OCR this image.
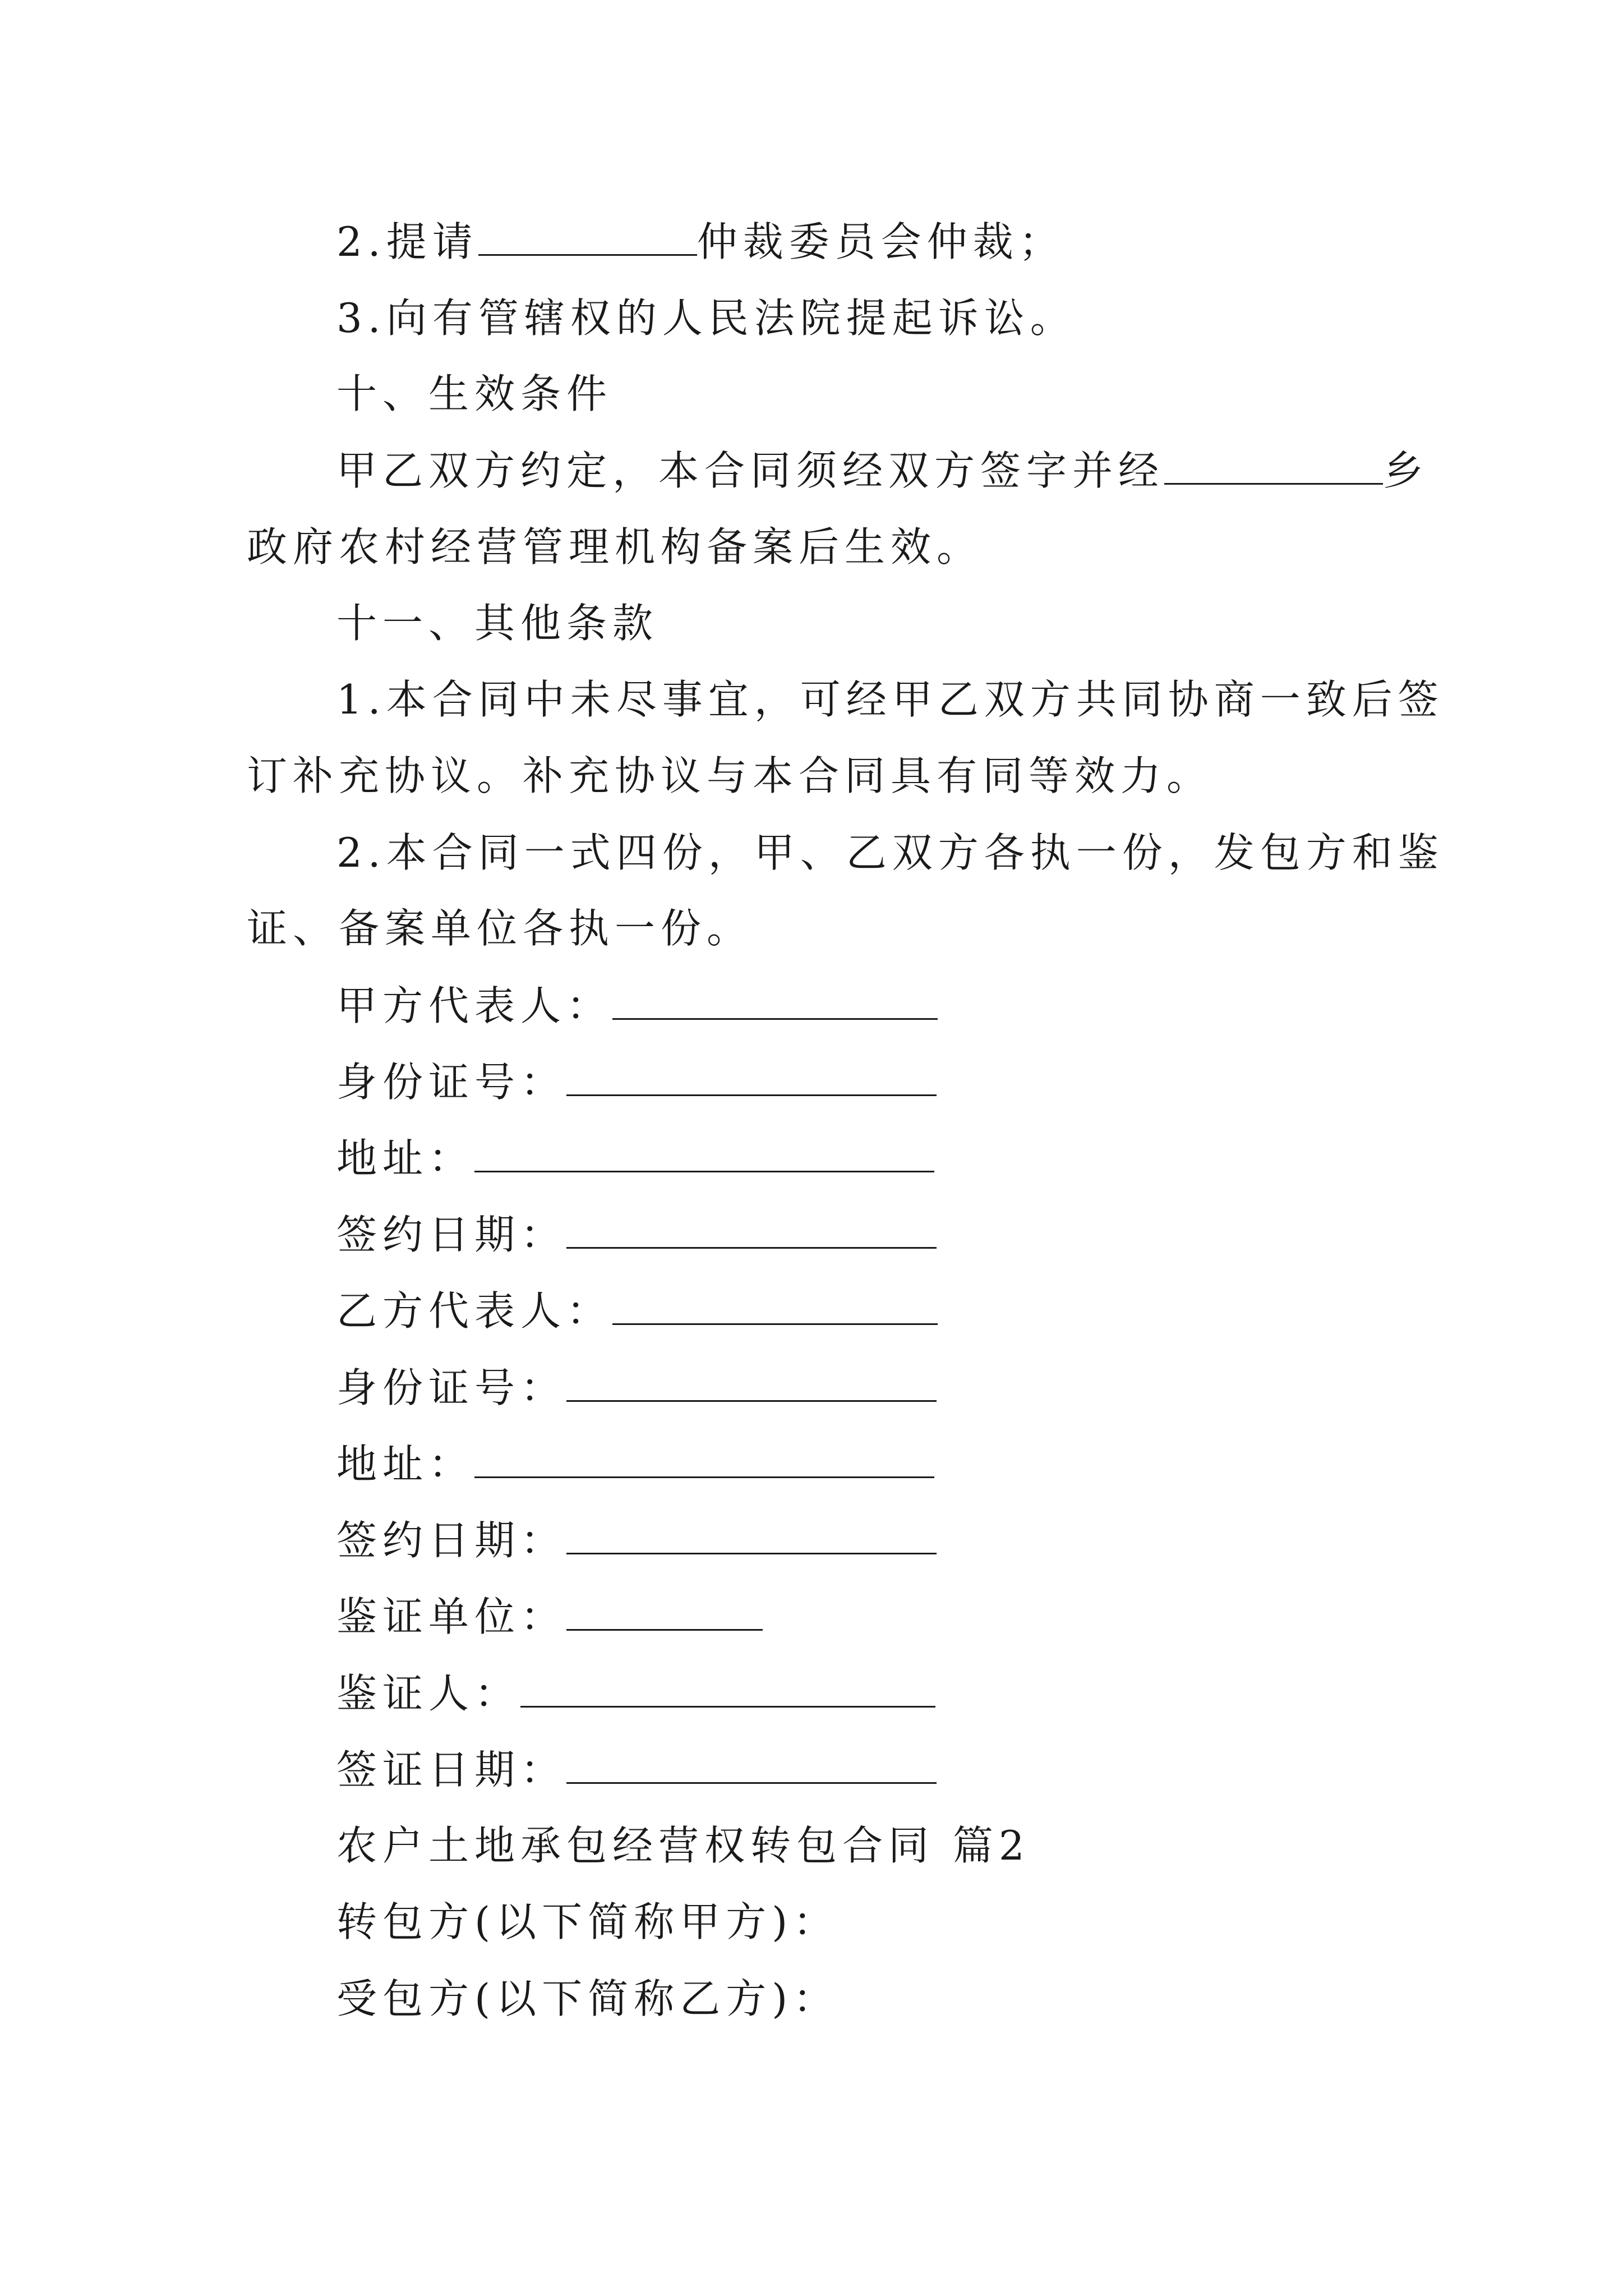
2.提请	仲裁委员会仲裁；
3.向有管辖权的人民法院提起诉讼。
十、生效条件
甲乙双方约定，本合同须经双方签字并经	乡
政府农村经营管理机构备案后生效。
十一、其他条款
1.本合同中未尽事宜，可经甲乙双方共同协商一致后签
订补充协议。补充协议与本合同具有同等效力。
2.本合同一式四份，甲、乙双方各执一份，发包方和鉴
证、备案单位各执一份。
甲方代表人：
身份证号：
地址：
签约日期：
乙方代表人：
身份证号：
地址：
签约日期：
鉴证单位：
鉴证人：
签证日期：
农户土地承包经营权转包合同 篇2
转包方(以下简称甲方)：
受包方(以下简称乙方)：
